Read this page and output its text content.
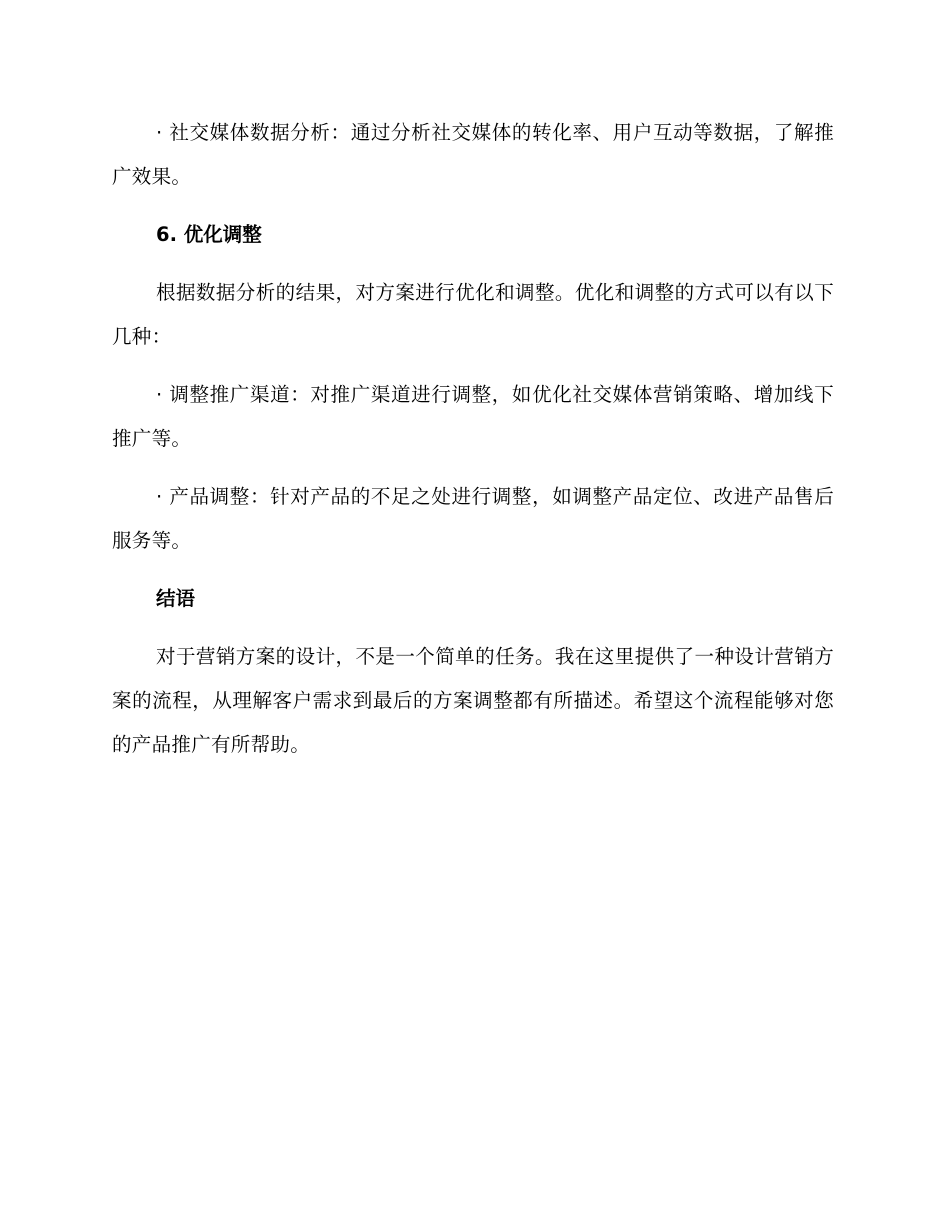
· 社交媒体数据分析：通过分析社交媒体的转化率、用户互动等数据，了解推广效果。

6. 优化调整

根据数据分析的结果，对方案进行优化和调整。优化和调整的方式可以有以下几种：

· 调整推广渠道：对推广渠道进行调整，如优化社交媒体营销策略、增加线下推广等。

· 产品调整：针对产品的不足之处进行调整，如调整产品定位、改进产品售后服务等。

结语

对于营销方案的设计，不是一个简单的任务。我在这里提供了一种设计营销方案的流程，从理解客户需求到最后的方案调整都有所描述。希望这个流程能够对您的产品推广有所帮助。
